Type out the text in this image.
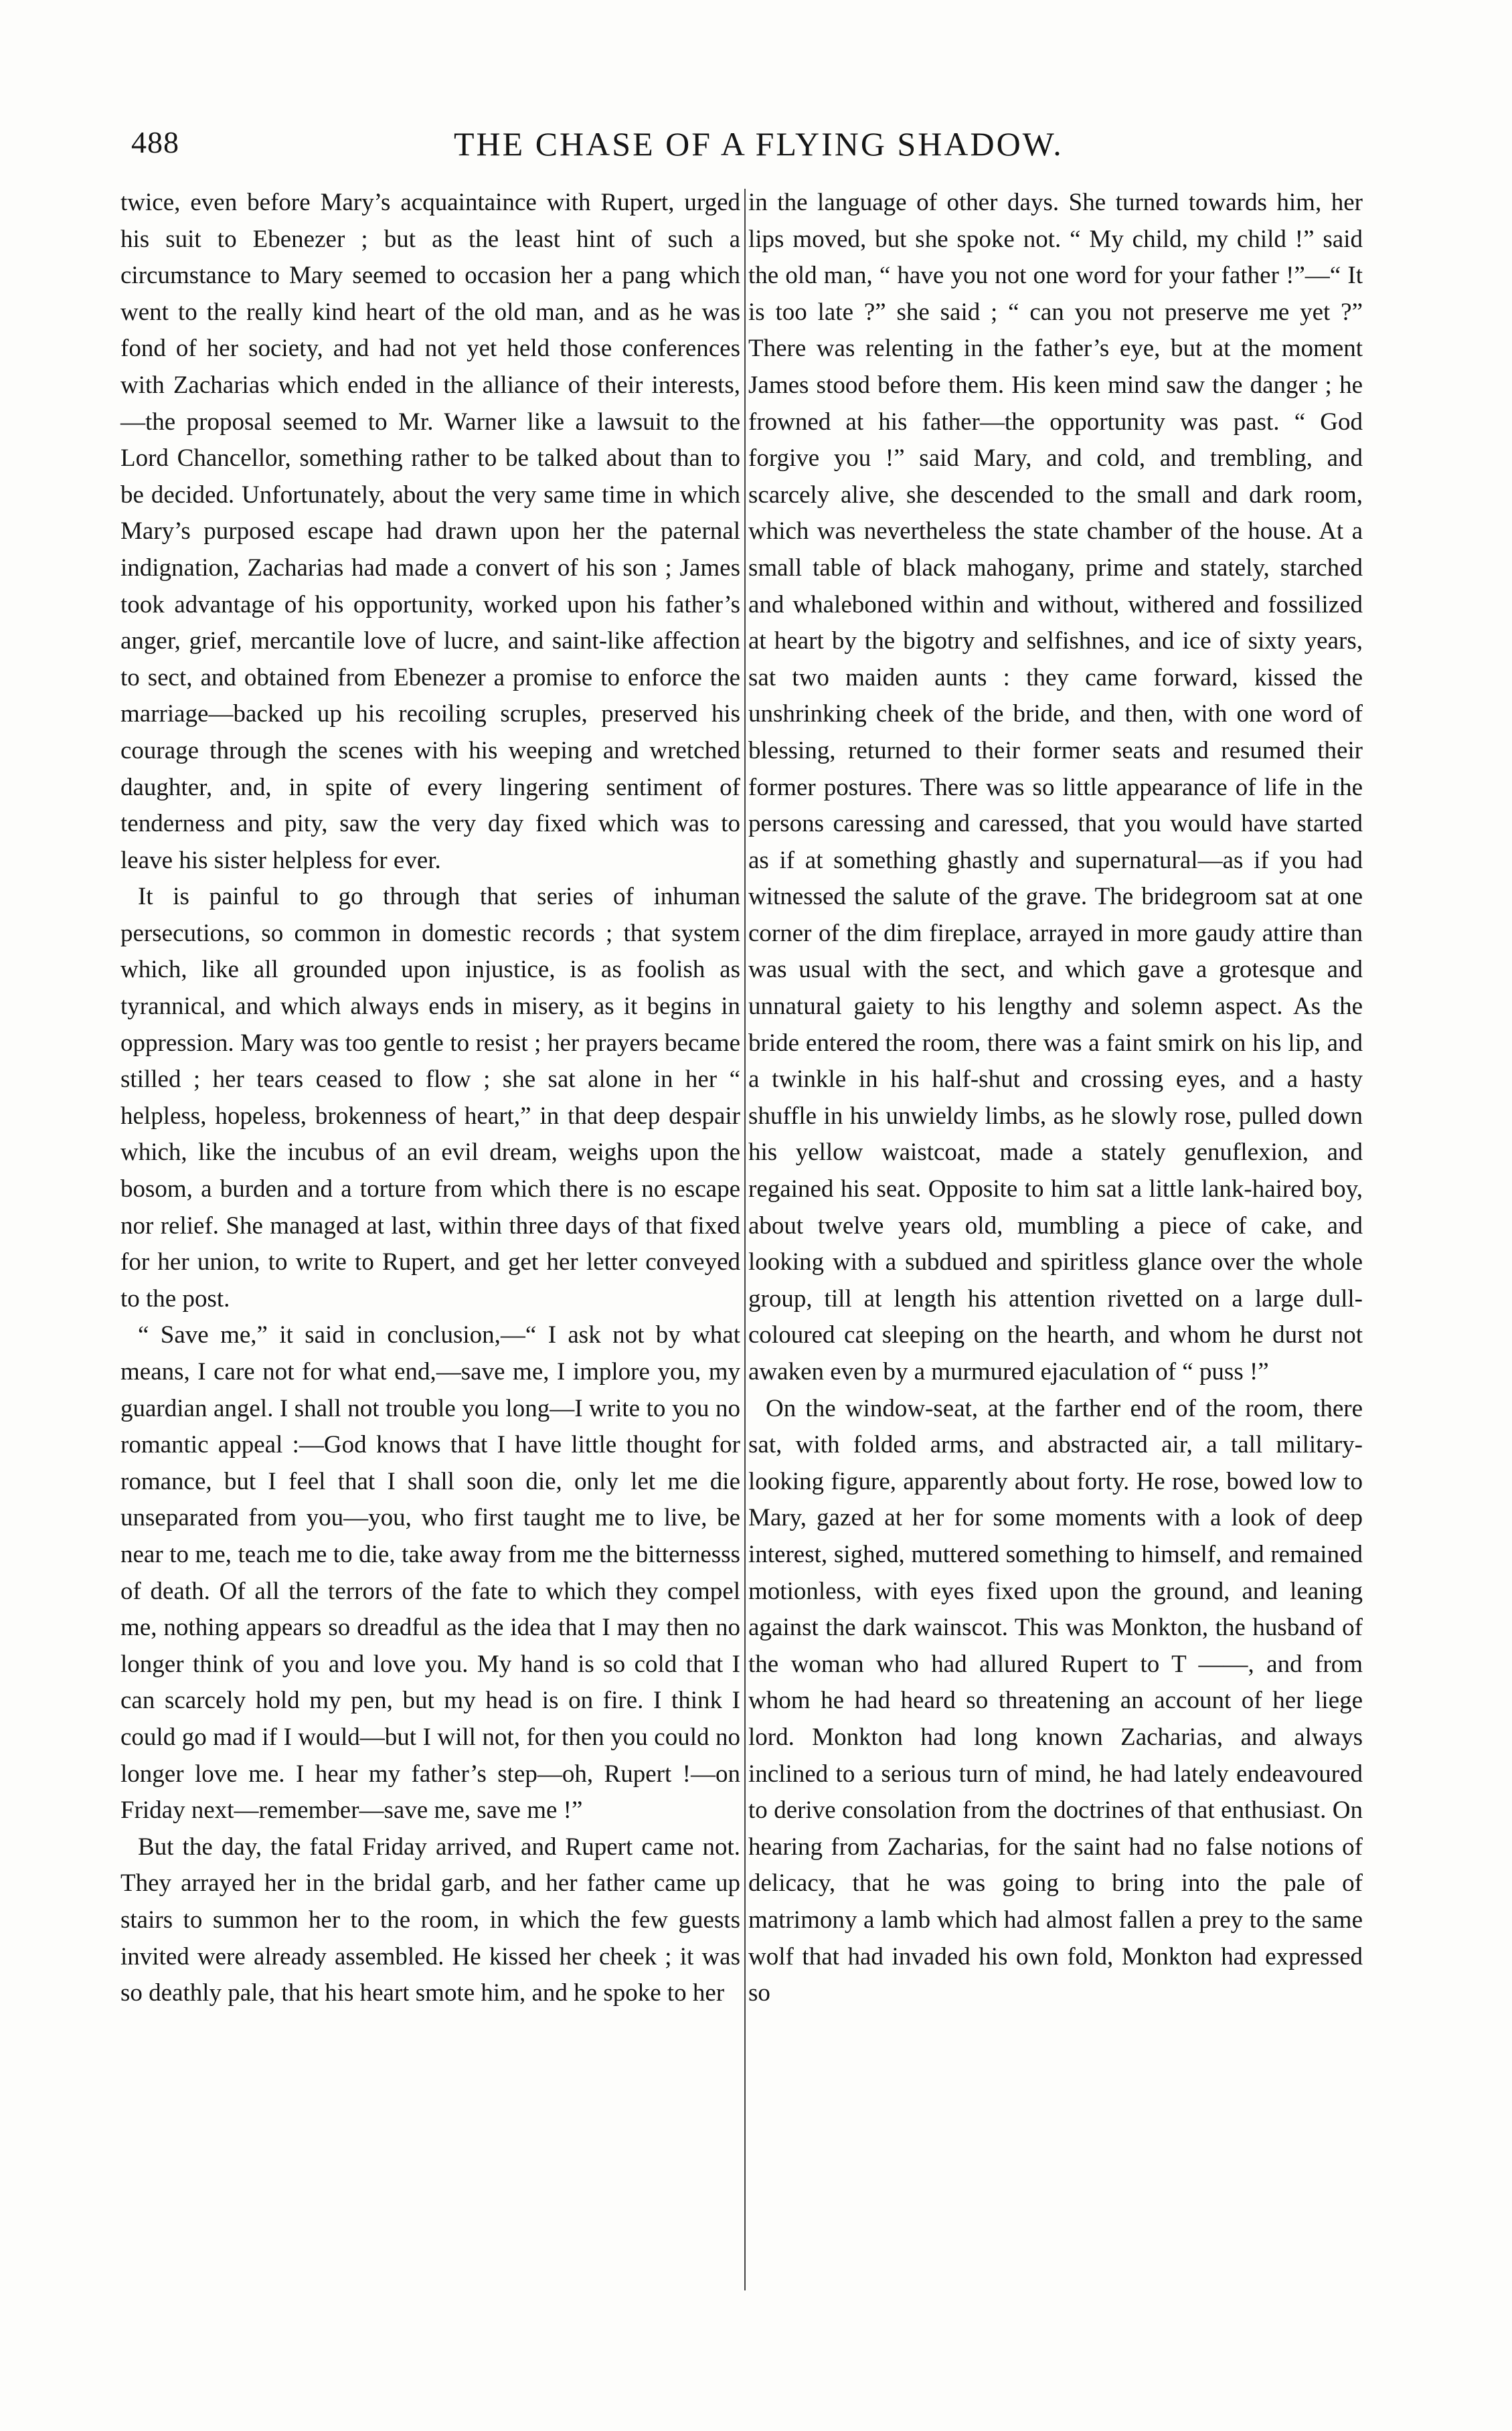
488	THE CHASE OF A FLYING SHADOW.

twice, even before Mary’s acquaintaince with Rupert, urged his suit to Ebenezer ; but as the least hint of such a circumstance to Mary seemed to occasion her a pang which went to the really kind heart of the old man, and as he was fond of her society, and had not yet held those conferences with Zacharias which ended in the alliance of their interests,—the proposal seemed to Mr. Warner like a lawsuit to the Lord Chancellor, something rather to be talked about than to be decided. Unfortunately, about the very same time in which Mary’s purposed escape had drawn upon her the paternal indignation, Zacharias had made a convert of his son ; James took advantage of his opportunity, worked upon his father’s anger, grief, mercantile love of lucre, and saint-like affection to sect, and obtained from Ebenezer a promise to enforce the marriage—backed up his recoiling scruples, preserved his courage through the scenes with his weeping and wretched daughter, and, in spite of every lingering sentiment of tenderness and pity, saw the very day fixed which was to leave his sister helpless for ever.

It is painful to go through that series of inhuman persecutions, so common in domestic records ; that system which, like all grounded upon injustice, is as foolish as tyrannical, and which always ends in misery, as it begins in oppression. Mary was too gentle to resist ; her prayers became stilled ; her tears ceased to flow ; she sat alone in her “ helpless, hopeless, brokenness of heart,” in that deep despair which, like the incubus of an evil dream, weighs upon the bosom, a burden and a torture from which there is no escape nor relief. She managed at last, within three days of that fixed for her union, to write to Rupert, and get her letter conveyed to the post.

“ Save me,” it said in conclusion,—“ I ask not by what means, I care not for what end,—save me, I implore you, my guardian angel. I shall not trouble you long—I write to you no romantic appeal :—God knows that I have little thought for romance, but I feel that I shall soon die, only let me die unseparated from you—you, who first taught me to live, be near to me, teach me to die, take away from me the bitternesss of death. Of all the terrors of the fate to which they compel me, nothing appears so dreadful as the idea that I may then no longer think of you and love you. My hand is so cold that I can scarcely hold my pen, but my head is on fire. I think I could go mad if I would—but I will not, for then you could no longer love me. I hear my father’s step—oh, Rupert !—on Friday next—remember—save me, save me !”

But the day, the fatal Friday arrived, and Rupert came not. They arrayed her in the bridal garb, and her father came up stairs to summon her to the room, in which the few guests invited were already assembled. He kissed her cheek ; it was so deathly pale, that his heart smote him, and he spoke to her

in the language of other days. She turned towards him, her lips moved, but she spoke not. “ My child, my child !” said the old man, “ have you not one word for your father !”—“ It is too late ?” she said ; “ can you not preserve me yet ?” There was relenting in the father’s eye, but at the moment James stood before them. His keen mind saw the danger ; he frowned at his father—the opportunity was past. “ God forgive you !” said Mary, and cold, and trembling, and scarcely alive, she descended to the small and dark room, which was nevertheless the state chamber of the house. At a small table of black mahogany, prime and stately, starched and whaleboned within and without, withered and fossilized at heart by the bigotry and selfishnes, and ice of sixty years, sat two maiden aunts : they came forward, kissed the unshrinking cheek of the bride, and then, with one word of blessing, returned to their former seats and resumed their former postures. There was so little appearance of life in the persons caressing and caressed, that you would have started as if at something ghastly and supernatural—as if you had witnessed the salute of the grave. The bridegroom sat at one corner of the dim fireplace, arrayed in more gaudy attire than was usual with the sect, and which gave a grotesque and unnatural gaiety to his lengthy and solemn aspect. As the bride entered the room, there was a faint smirk on his lip, and a twinkle in his half-shut and crossing eyes, and a hasty shuffle in his unwieldy limbs, as he slowly rose, pulled down his yellow waistcoat, made a stately genuflexion, and regained his seat. Opposite to him sat a little lank-haired boy, about twelve years old, mumbling a piece of cake, and looking with a subdued and spiritless glance over the whole group, till at length his attention rivetted on a large dull-coloured cat sleeping on the hearth, and whom he durst not awaken even by a murmured ejaculation of “ puss !”

On the window-seat, at the farther end of the room, there sat, with folded arms, and abstracted air, a tall military-looking figure, apparently about forty. He rose, bowed low to Mary, gazed at her for some moments with a look of deep interest, sighed, muttered something to himself, and remained motionless, with eyes fixed upon the ground, and leaning against the dark wainscot. This was Monkton, the husband of the woman who had allured Rupert to T ——, and from whom he had heard so threatening an account of her liege lord. Monkton had long known Zacharias, and always inclined to a serious turn of mind, he had lately endeavoured to derive consolation from the doctrines of that enthusiast. On hearing from Zacharias, for the saint had no false notions of delicacy, that he was going to bring into the pale of matrimony a lamb which had almost fallen a prey to the same wolf that had invaded his own fold, Monkton had expressed so
